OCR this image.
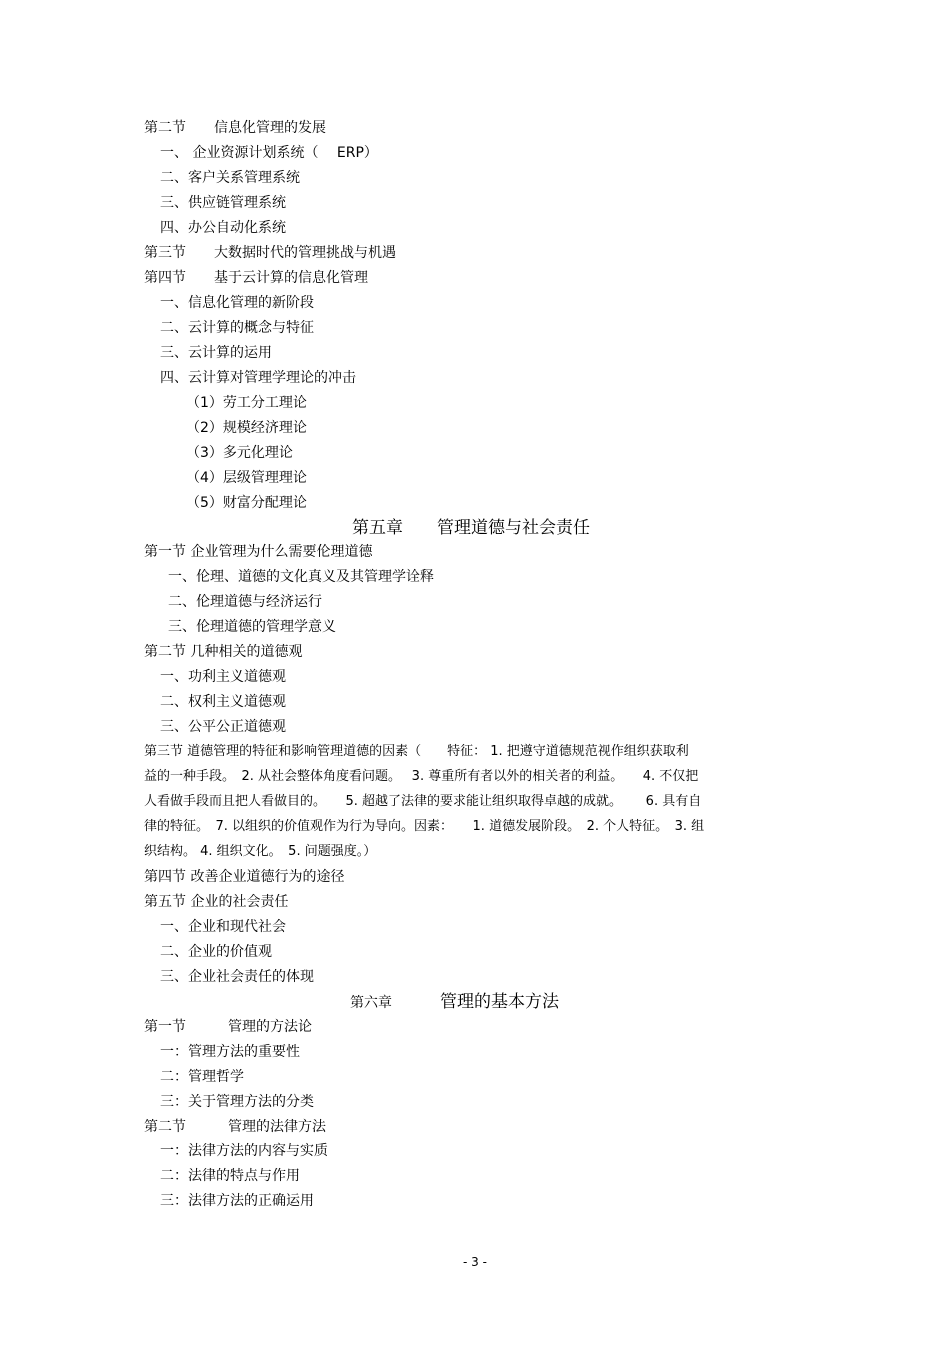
第二节　　信息化管理的发展
一、 企业资源计划系统（　 ERP）
二、客户关系管理系统
三、供应链管理系统
四、办公自动化系统
第三节　　大数据时代的管理挑战与机遇
第四节　　基于云计算的信息化管理
一、信息化管理的新阶段
二、云计算的概念与特征
三、云计算的运用
四、云计算对管理学理论的冲击
（1）劳工分工理论
（2）规模经济理论
（3）多元化理论
（4）层级管理理论
（5）财富分配理论
第五章　　管理道德与社会责任
第一节 企业管理为什么需要伦理道德
一、伦理、道德的文化真义及其管理学诠释
二、伦理道德与经济运行
三、伦理道德的管理学意义
第二节 几种相关的道德观
一、功利主义道德观
二、权利主义道德观
三、公平公正道德观
第三节 道德管理的特征和影响管理道德的因素（　　特征： 1. 把遵守道德规范视作组织获取利
益的一种手段。　2. 从社会整体角度看问题。　 3. 尊重所有者以外的相关者的利益。　　4. 不仅把
人看做手段而且把人看做目的。　　5. 超越了法律的要求能让组织取得卓越的成就。　　 6. 具有自
律的特征。　7. 以组织的价值观作为行为导向。因素：　　1. 道德发展阶段。　2. 个人特征。　3. 组
织结构。 4. 组织文化。　5. 问题强度。）
第四节 改善企业道德行为的途径
第五节 企业的社会责任
一、企业和现代社会
二、企业的价值观
三、企业社会责任的体现
第六章	管理的基本方法
第一节　　　管理的方法论
一：管理方法的重要性
二：管理哲学
三：关于管理方法的分类
第二节　　　管理的法律方法
一：法律方法的内容与实质
二：法律的特点与作用
三：法律方法的正确运用
- 3 -
